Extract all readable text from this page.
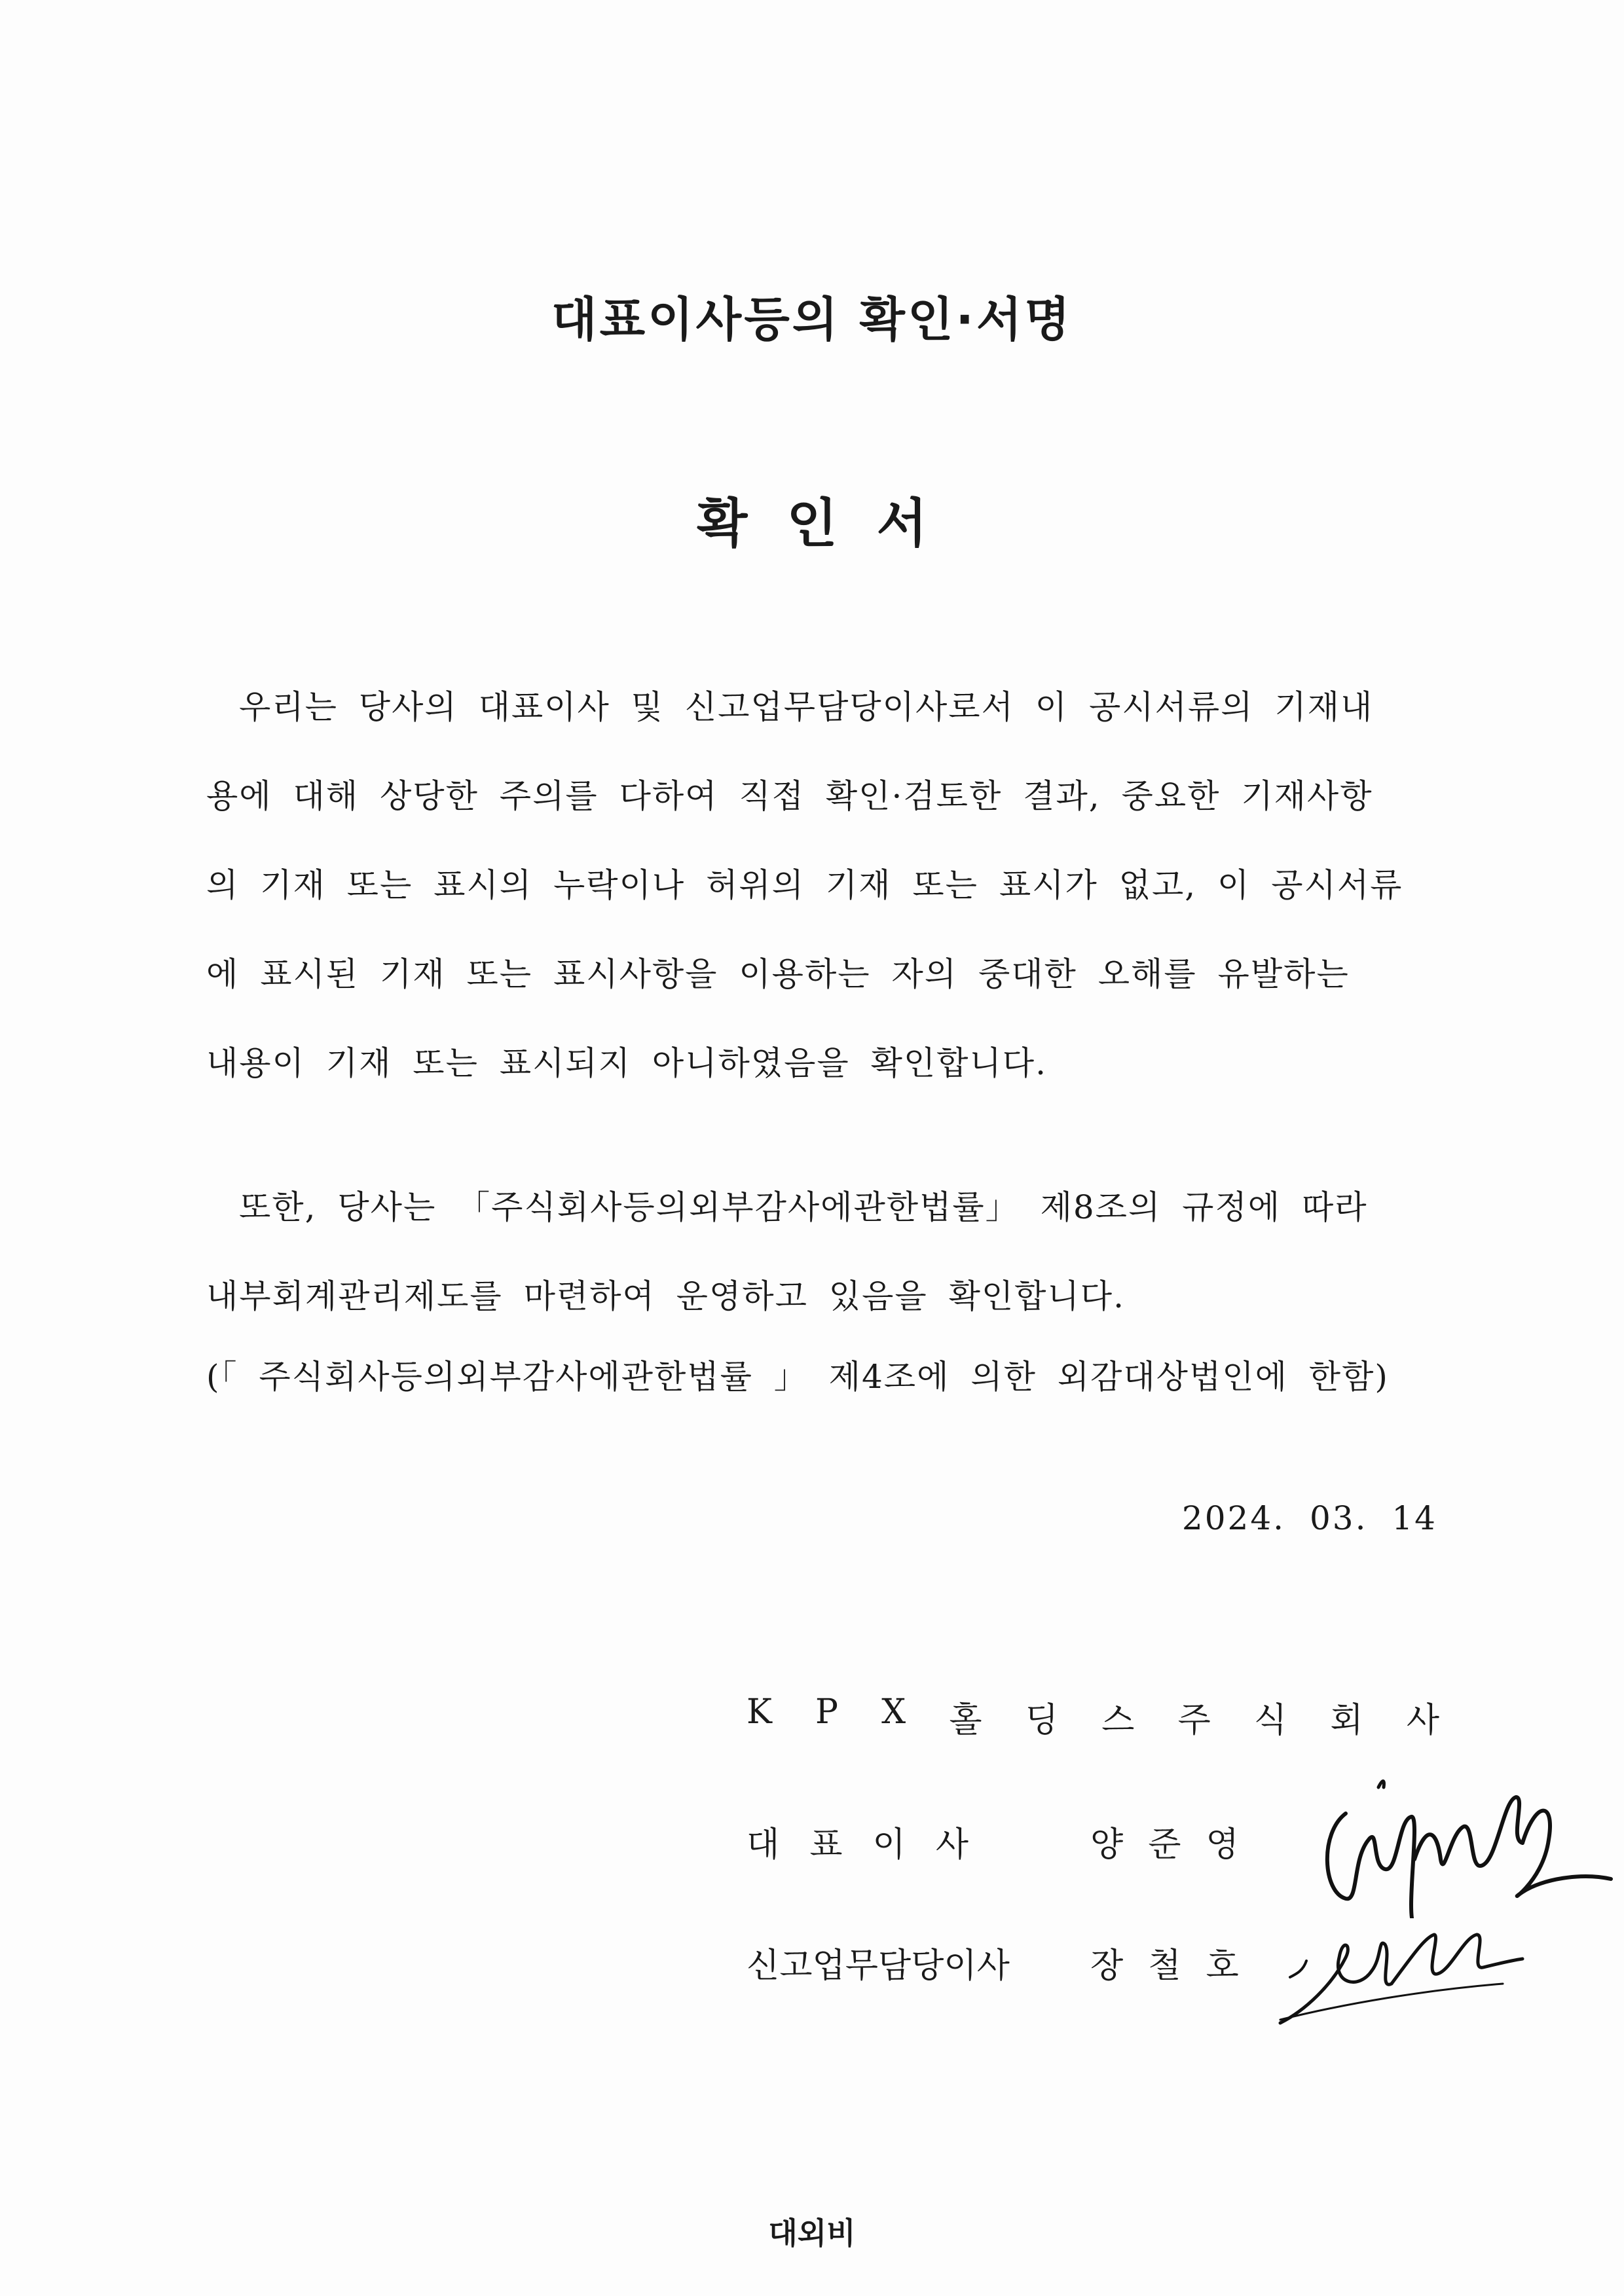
대표이사등의 확인·서명
확인서
우리는 당사의 대표이사 및 신고업무담당이사로서 이 공시서류의 기재내
용에 대해 상당한 주의를 다하여 직접 확인·검토한 결과, 중요한 기재사항
의 기재 또는 표시의 누락이나 허위의 기재 또는 표시가 없고, 이 공시서류
에 표시된 기재 또는 표시사항을 이용하는 자의 중대한 오해를 유발하는
내용이 기재 또는 표시되지 아니하였음을 확인합니다.
또한, 당사는 「주식회사등의외부감사에관한법률」 제8조의 규정에 따라
내부회계관리제도를 마련하여 운영하고 있음을 확인합니다.
(「 주식회사등의외부감사에관한법률 」 제4조에 의한 외감대상법인에 한함)
2024. 03. 14
K P X 홀 딩 스 주 식 회 사
대표이사	양준영
신고업무담당이사 장철호
대외비
